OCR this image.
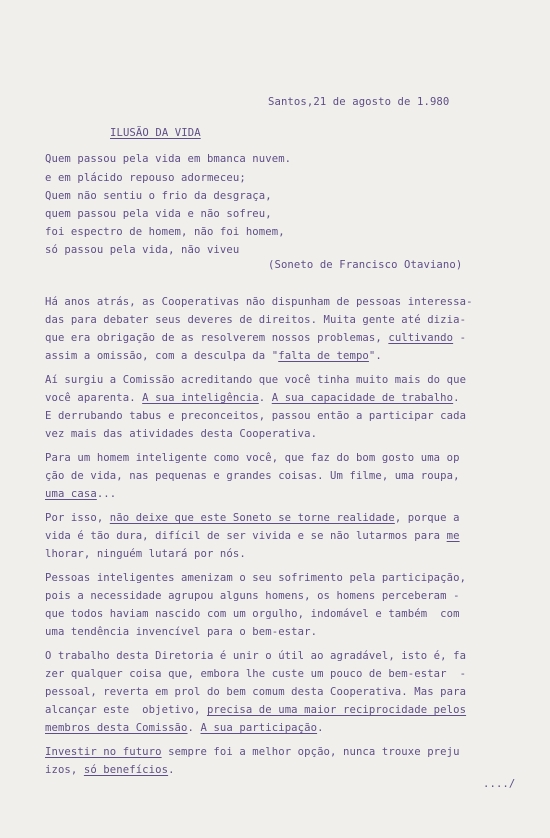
Santos,21 de agosto de 1.980
ILUSÃO DA VIDA
Quem passou pela vida em bmanca nuvem.
e em plácido repouso adormeceu;
Quem não sentiu o frio da desgraça,
quem passou pela vida e não sofreu,
foi espectro de homem, não foi homem,
só passou pela vida, não viveu
(Soneto de Francisco Otaviano)
Há anos atrás, as Cooperativas não dispunham de pessoas interessa-
das para debater seus deveres de direitos. Muita gente até dizia-
que era obrigação de as resolverem nossos problemas, cultivando -
assim a omissão, com a desculpa da "falta de tempo".
Aí surgiu a Comissão acreditando que você tinha muito mais do que
você aparenta. A sua inteligência. A sua capacidade de trabalho.
E derrubando tabus e preconceitos, passou então a participar cada
vez mais das atividades desta Cooperativa.
Para um homem inteligente como você, que faz do bom gosto uma op
ção de vida, nas pequenas e grandes coisas. Um filme, uma roupa,
uma casa...
Por isso, não deixe que este Soneto se torne realidade, porque a
vida é tão dura, difícil de ser vivida e se não lutarmos para me
lhorar, ninguém lutará por nós.
Pessoas inteligentes amenizam o seu sofrimento pela participação,
pois a necessidade agrupou alguns homens, os homens perceberam -
que todos haviam nascido com um orgulho, indomável e também  com
uma tendência invencível para o bem-estar.
O trabalho desta Diretoria é unir o útil ao agradável, isto é, fa
zer qualquer coisa que, embora lhe custe um pouco de bem-estar  -
pessoal, reverta em prol do bem comum desta Cooperativa. Mas para
alcançar este  objetivo, precisa de uma maior reciprocidade pelos
membros desta Comissão. A sua participação.
Investir no futuro sempre foi a melhor opção, nunca trouxe preju
izos, só benefícios.
..../
